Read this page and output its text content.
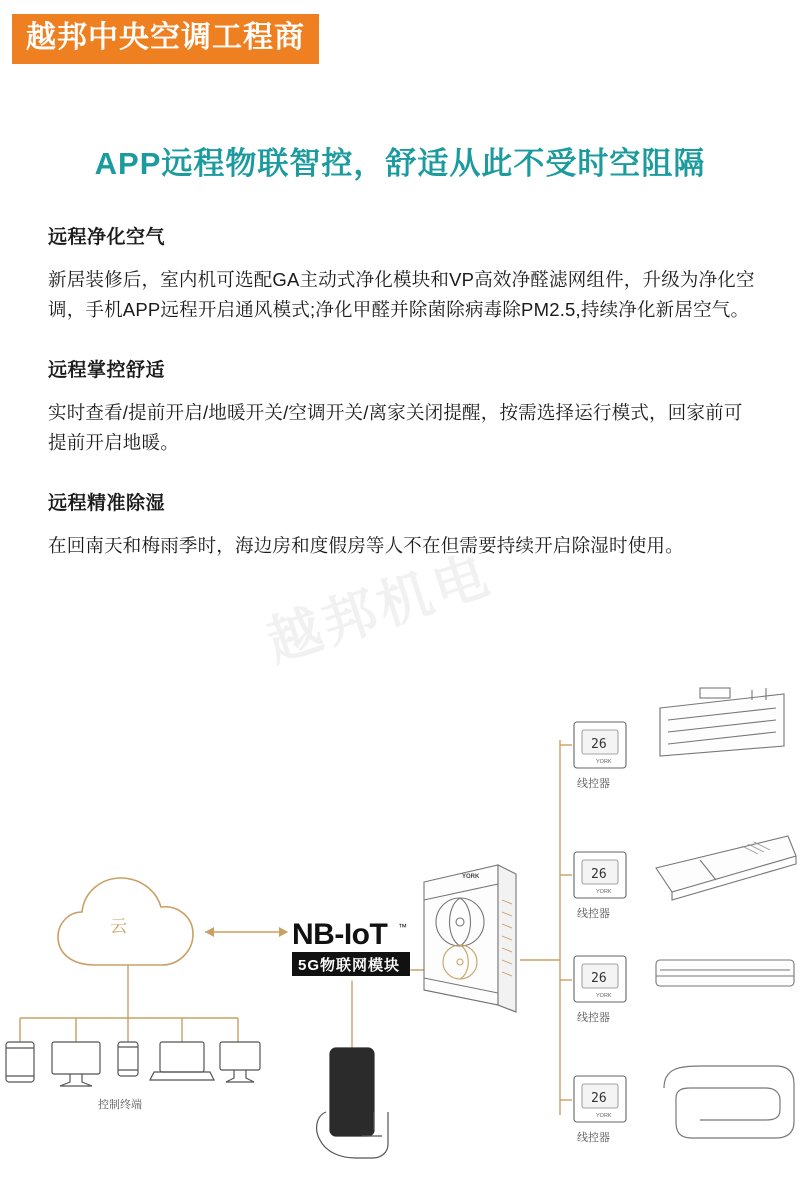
越邦中央空调工程商
APP远程物联智控，舒适从此不受时空阻隔
远程净化空气

新居装修后，室内机可选配GA主动式净化模块和VP高效净醛滤网组件，升级为净化空调，手机APP远程开启通风模式;净化甲醛并除菌除病毒除PM2.5,持续净化新居空气。

远程掌控舒适

实时查看/提前开启/地暖开关/空调开关/离家关闭提醒，按需选择运行模式，回家前可提前开启地暖。

远程精准除湿

在回南天和梅雨季时，海边房和度假房等人不在但需要持续开启除湿时使用。

越邦机电
云
控制终端
NB-IoT ™
5G物联网模块
YORK
26
YORK
线控器
26
YORK
线控器
26
YORK
线控器
26
YORK
线控器
